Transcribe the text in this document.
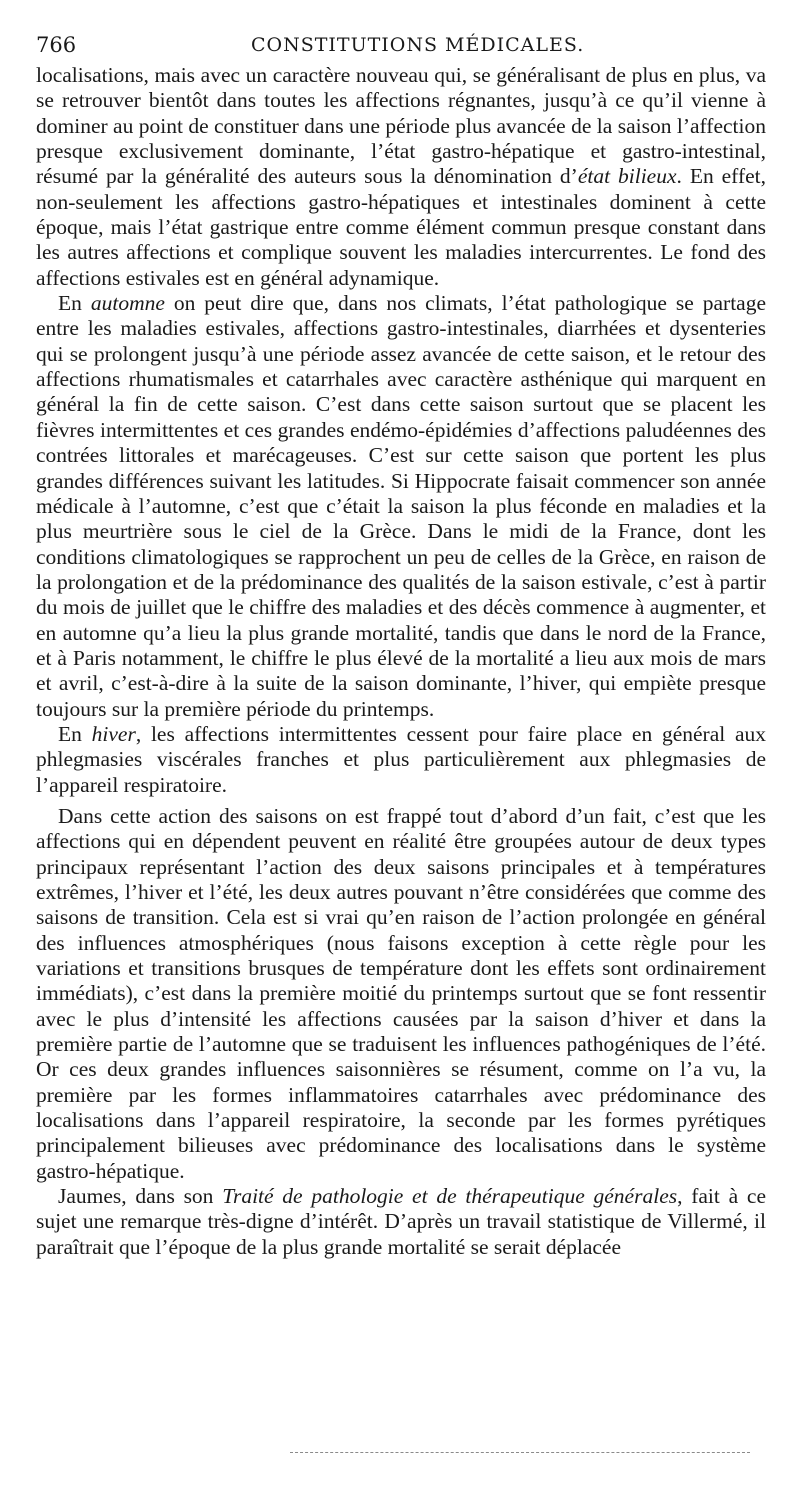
766	CONSTITUTIONS MÉDICALES.

localisations, mais avec un caractère nouveau qui, se généralisant de plus en plus, va se retrouver bientôt dans toutes les affections régnantes, jusqu’à ce qu’il vienne à dominer au point de constituer dans une période plus avancée de la saison l’affection presque exclusivement dominante, l’état gastro-hépatique et gastro-intestinal, résumé par la généralité des auteurs sous la dénomination d’état bilieux. En effet, non-seulement les affections gastro-hépatiques et intestinales dominent à cette époque, mais l’état gastrique entre comme élément commun presque constant dans les autres affections et complique souvent les maladies intercurrentes. Le fond des affections estivales est en général adynamique.

En automne on peut dire que, dans nos climats, l’état pathologique se partage entre les maladies estivales, affections gastro-intestinales, diarrhées et dysenteries qui se prolongent jusqu’à une période assez avancée de cette saison, et le retour des affections rhumatismales et catarrhales avec caractère asthénique qui marquent en général la fin de cette saison. C’est dans cette saison surtout que se placent les fièvres intermittentes et ces grandes endémo-épidémies d’affections paludéennes des contrées littorales et marécageuses. C’est sur cette saison que portent les plus grandes différences suivant les latitudes. Si Hippocrate faisait commencer son année médicale à l’automne, c’est que c’était la saison la plus féconde en maladies et la plus meurtrière sous le ciel de la Grèce. Dans le midi de la France, dont les conditions climatologiques se rapprochent un peu de celles de la Grèce, en raison de la prolongation et de la prédominance des qualités de la saison estivale, c’est à partir du mois de juillet que le chiffre des maladies et des décès commence à augmenter, et en automne qu’a lieu la plus grande mortalité, tandis que dans le nord de la France, et à Paris notamment, le chiffre le plus élevé de la mortalité a lieu aux mois de mars et avril, c’est-à-dire à la suite de la saison dominante, l’hiver, qui empiète presque toujours sur la première période du printemps.

En hiver, les affections intermittentes cessent pour faire place en général aux phlegmasies viscérales franches et plus particulièrement aux phlegmasies de l’appareil respiratoire.

Dans cette action des saisons on est frappé tout d’abord d’un fait, c’est que les affections qui en dépendent peuvent en réalité être groupées autour de deux types principaux représentant l’action des deux saisons principales et à températures extrêmes, l’hiver et l’été, les deux autres pouvant n’être considérées que comme des saisons de transition. Cela est si vrai qu’en raison de l’action prolongée en général des influences atmosphériques (nous faisons exception à cette règle pour les variations et transitions brusques de température dont les effets sont ordinairement immédiats), c’est dans la première moitié du printemps surtout que se font ressentir avec le plus d’intensité les affections causées par la saison d’hiver et dans la première partie de l’automne que se traduisent les influences pathogéniques de l’été. Or ces deux grandes influences saisonnières se résument, comme on l’a vu, la première par les formes inflammatoires catarrhales avec prédominance des localisations dans l’appareil respiratoire, la seconde par les formes pyrétiques principalement bilieuses avec prédominance des localisations dans le système gastro-hépatique.

Jaumes, dans son Traité de pathologie et de thérapeutique générales, fait à ce sujet une remarque très-digne d’intérêt. D’après un travail statistique de Villermé, il paraîtrait que l’époque de la plus grande mortalité se serait déplacée
